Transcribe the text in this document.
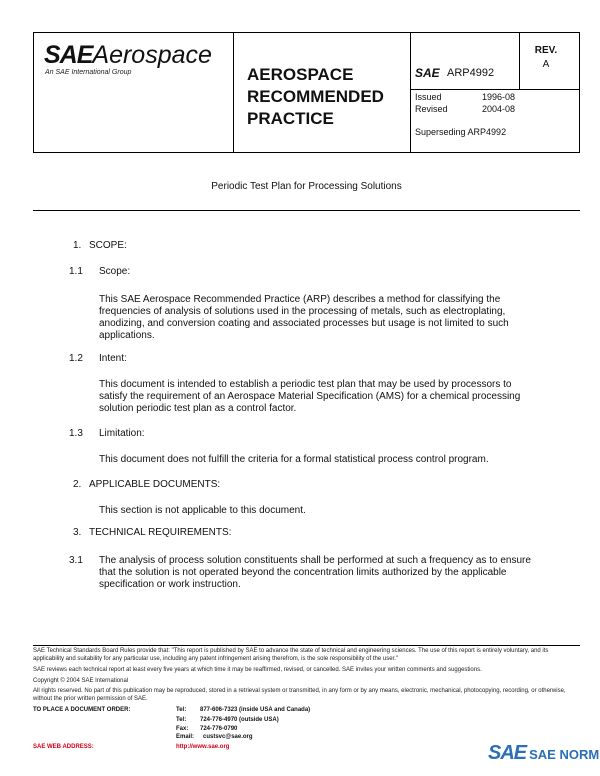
SAEAerospace
An SAE International Group	AEROSPACE
RECOMMENDED
PRACTICE
SAE ARP4992
REV.
A
Issued	1996-08
Revised	2004-08
Superseding ARP4992
Periodic Test Plan for Processing Solutions
1. SCOPE:
1.1 Scope:
This SAE Aerospace Recommended Practice (ARP) describes a method for classifying the frequencies of analysis of solutions used in the processing of metals, such as electroplating, anodizing, and conversion coating and associated processes but usage is not limited to such applications.
1.2 Intent:
This document is intended to establish a periodic test plan that may be used by processors to satisfy the requirement of an Aerospace Material Specification (AMS) for a chemical processing solution periodic test plan as a control factor.
1.3 Limitation:
This document does not fulfill the criteria for a formal statistical process control program.
2. APPLICABLE DOCUMENTS:
This section is not applicable to this document.
3. TECHNICAL REQUIREMENTS:
3.1 The analysis of process solution constituents shall be performed at such a frequency as to ensure that the solution is not operated beyond the concentration limits authorized by the applicable specification or work instruction.
SAE Technical Standards Board Rules provide that: "This report is published by SAE to advance the state of technical and engineering sciences. The use of this report is entirely voluntary, and its applicability and suitability for any particular use, including any patent infringement arising therefrom, is the sole responsibility of the user."
SAE reviews each technical report at least every five years at which time it may be reaffirmed, revised, or cancelled. SAE invites your written comments and suggestions.
Copyright © 2004 SAE International
All rights reserved. No part of this publication may be reproduced, stored in a retrieval system or transmitted, in any form or by any means, electronic, mechanical, photocopying, recording, or otherwise, without the prior written permission of SAE.
TO PLACE A DOCUMENT ORDER:	Tel: 877-606-7323 (inside USA and Canada)
Tel: 724-776-4970 (outside USA)
Fax: 724-776-0790
Email: custsvc@sae.org
SAE WEB ADDRESS:	http://www.sae.org	SAE SAE NORM
